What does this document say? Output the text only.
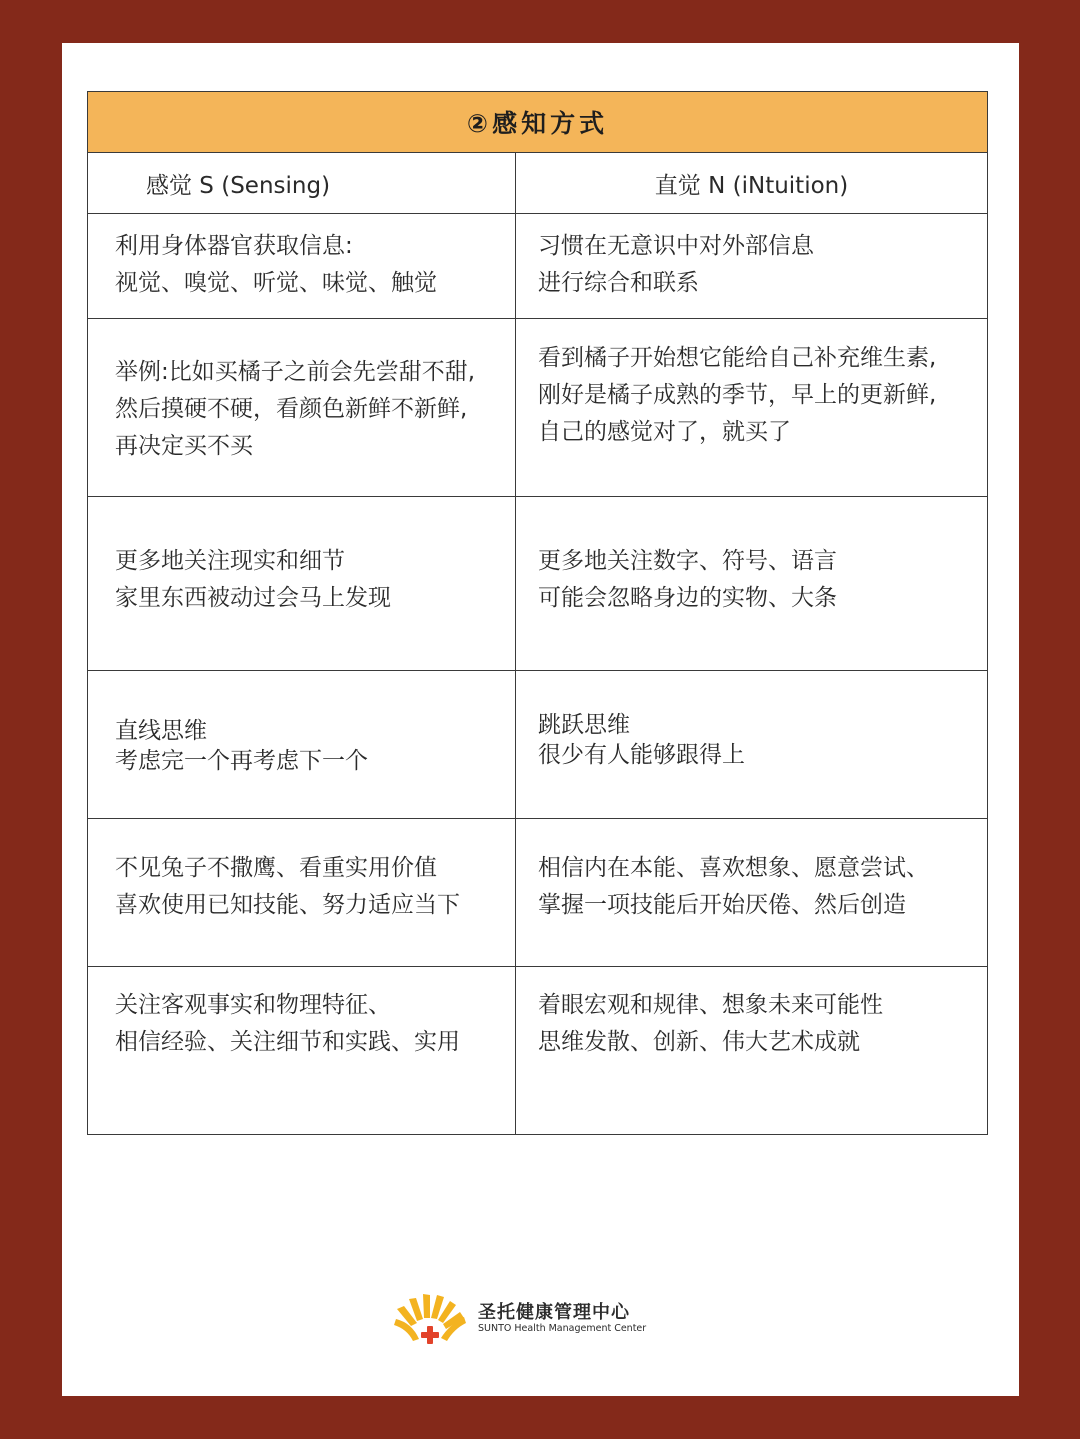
②感知方式	
感觉 S (Sensing)	直觉 N (iNtuition)

利用身体器官获取信息:
视觉、嗅觉、听觉、味觉、触觉	习惯在无意识中对外部信息
进行综合和联系

举例:比如买橘子之前会先尝甜不甜,
然后摸硬不硬，看颜色新鲜不新鲜,
再决定买不买	看到橘子开始想它能给自己补充维生素,
刚好是橘子成熟的季节，早上的更新鲜,
自己的感觉对了，就买了

更多地关注现实和细节
家里东西被动过会马上发现	更多地关注数字、符号、语言
可能会忽略身边的实物、大条

直线思维
考虑完一个再考虑下一个	跳跃思维
很少有人能够跟得上

不见兔子不撒鹰、看重实用价值
喜欢使用已知技能、努力适应当下	相信内在本能、喜欢想象、愿意尝试、
掌握一项技能后开始厌倦、然后创造

关注客观事实和物理特征、
相信经验、关注细节和实践、实用	着眼宏观和规律、想象未来可能性
思维发散、创新、伟大艺术成就
圣托健康管理中心
SUNTO Health Management Center
